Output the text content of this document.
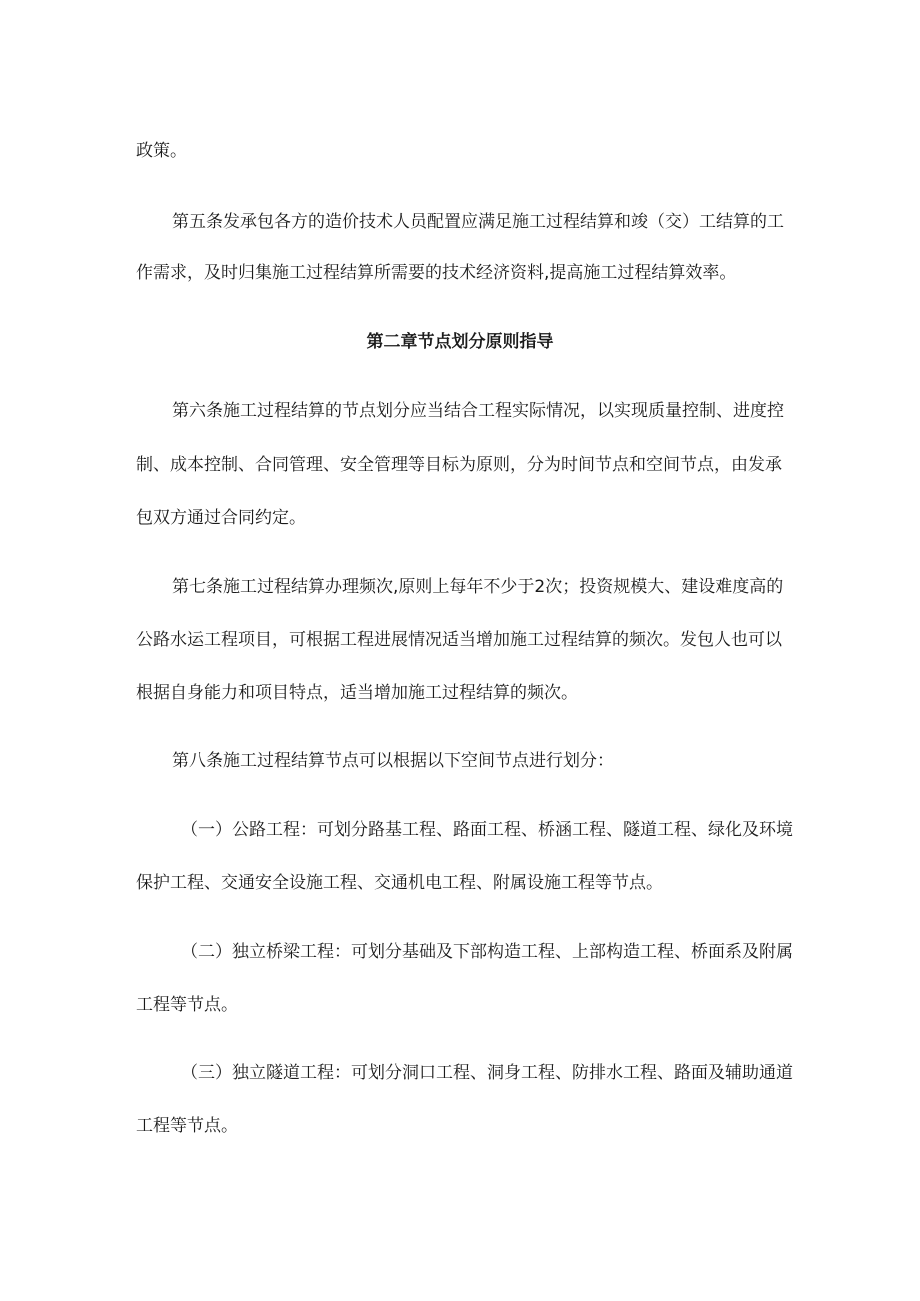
政策。
第五条发承包各方的造价技术人员配置应满足施工过程结算和竣（交）工结算的工
作需求，及时归集施工过程结算所需要的技术经济资料,提高施工过程结算效率。
第二章节点划分原则指导
第六条施工过程结算的节点划分应当结合工程实际情况，以实现质量控制、进度控
制、成本控制、合同管理、安全管理等目标为原则，分为时间节点和空间节点，由发承
包双方通过合同约定。
第七条施工过程结算办理频次,原则上每年不少于2次；投资规模大、建设难度高的
公路水运工程项目，可根据工程进展情况适当增加施工过程结算的频次。发包人也可以
根据自身能力和项目特点，适当增加施工过程结算的频次。
第八条施工过程结算节点可以根据以下空间节点进行划分：
（一）公路工程：可划分路基工程、路面工程、桥涵工程、隧道工程、绿化及环境
保护工程、交通安全设施工程、交通机电工程、附属设施工程等节点。
（二）独立桥梁工程：可划分基础及下部构造工程、上部构造工程、桥面系及附属
工程等节点。
（三）独立隧道工程：可划分洞口工程、洞身工程、防排水工程、路面及辅助通道
工程等节点。
